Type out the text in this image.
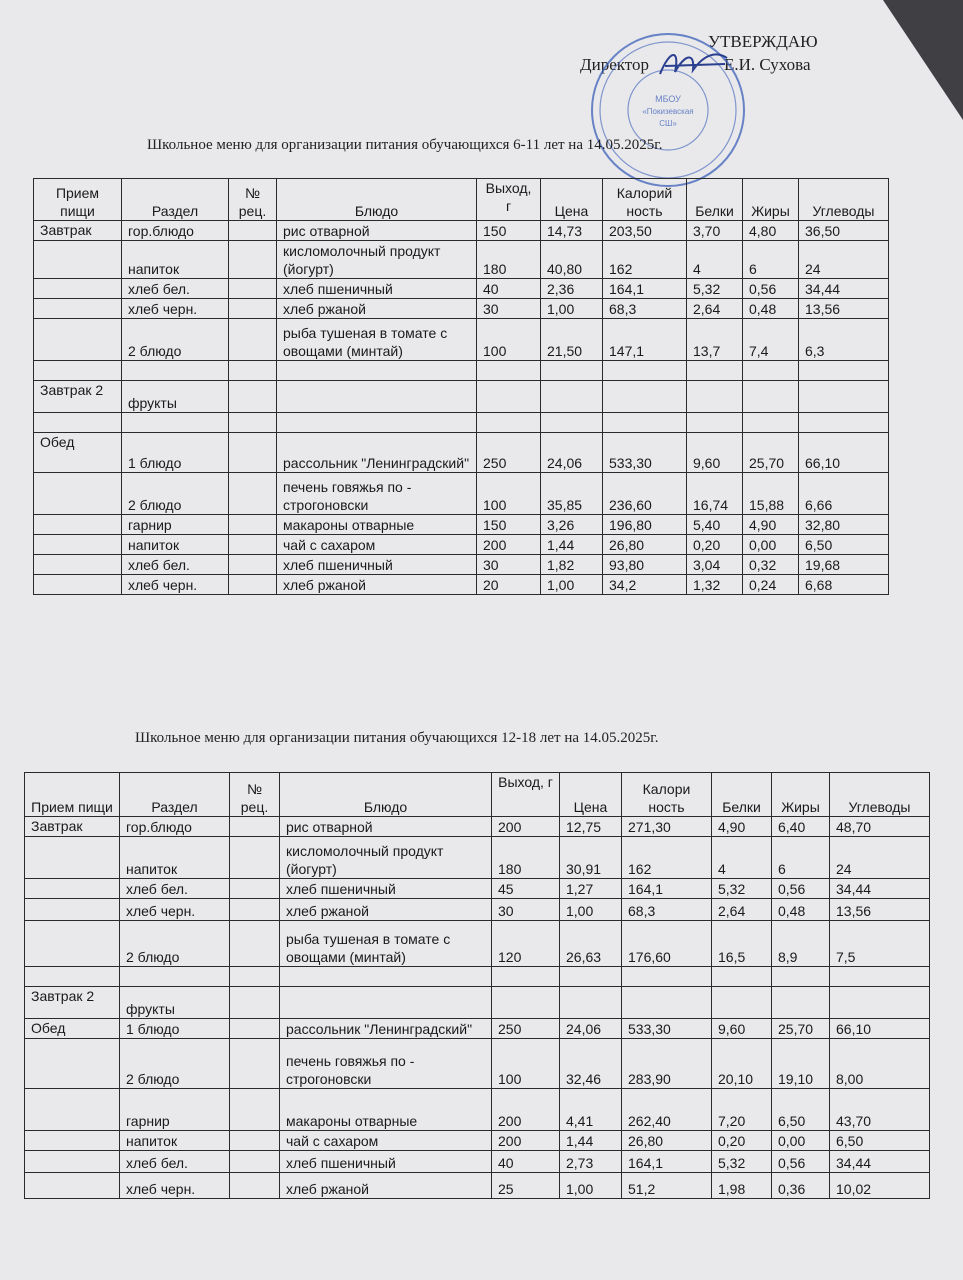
УТВЕРЖДАЮ
Директор	Е.И. Сухова
МБОУ
«Покизевская
СШ»
Школьное меню для организации питания обучающихся 6-11 лет на 14.05.2025г.
Прием пищи	Раздел	№ рец.	Блюдо	Выход, г	Цена	Калорий ность	Белки	Жиры	Углеводы
Завтрак	гор.блюдо		рис отварной	150	14,73	203,50	3,70	4,80	36,50
	напиток		кисломолочный продукт (йогурт)	180	40,80	162	4	6	24
	хлеб бел.		хлеб пшеничный	40	2,36	164,1	5,32	0,56	34,44
	хлеб черн.		хлеб ржаной	30	1,00	68,3	2,64	0,48	13,56
	2 блюдо		рыба тушеная в томате с овощами (минтай)	100	21,50	147,1	13,7	7,4	6,3

Завтрак 2	фрукты								

Обед	1 блюдо		рассольник "Ленинградский"	250	24,06	533,30	9,60	25,70	66,10
	2 блюдо		печень говяжья по - строгоновски	100	35,85	236,60	16,74	15,88	6,66
	гарнир		макароны отварные	150	3,26	196,80	5,40	4,90	32,80
	напиток		чай с сахаром	200	1,44	26,80	0,20	0,00	6,50
	хлеб бел.		хлеб пшеничный	30	1,82	93,80	3,04	0,32	19,68
	хлеб черн.		хлеб ржаной	20	1,00	34,2	1,32	0,24	6,68
Школьное меню для организации питания обучающихся 12-18 лет на 14.05.2025г.
Прием пищи	Раздел	№ рец.	Блюдо	Выход, г	Цена	Калори ность	Белки	Жиры	Углеводы
Завтрак	гор.блюдо		рис отварной	200	12,75	271,30	4,90	6,40	48,70
	напиток		кисломолочный продукт (йогурт)	180	30,91	162	4	6	24
	хлеб бел.		хлеб пшеничный	45	1,27	164,1	5,32	0,56	34,44
	хлеб черн.		хлеб ржаной	30	1,00	68,3	2,64	0,48	13,56
	2 блюдо		рыба тушеная в томате с овощами (минтай)	120	26,63	176,60	16,5	8,9	7,5

Завтрак 2	фрукты								
Обед	1 блюдо		рассольник "Ленинградский"	250	24,06	533,30	9,60	25,70	66,10
	2 блюдо		печень говяжья по - строгоновски	100	32,46	283,90	20,10	19,10	8,00
	гарнир		макароны отварные	200	4,41	262,40	7,20	6,50	43,70
	напиток		чай с сахаром	200	1,44	26,80	0,20	0,00	6,50
	хлеб бел.		хлеб пшеничный	40	2,73	164,1	5,32	0,56	34,44
	хлеб черн.		хлеб ржаной	25	1,00	51,2	1,98	0,36	10,02
